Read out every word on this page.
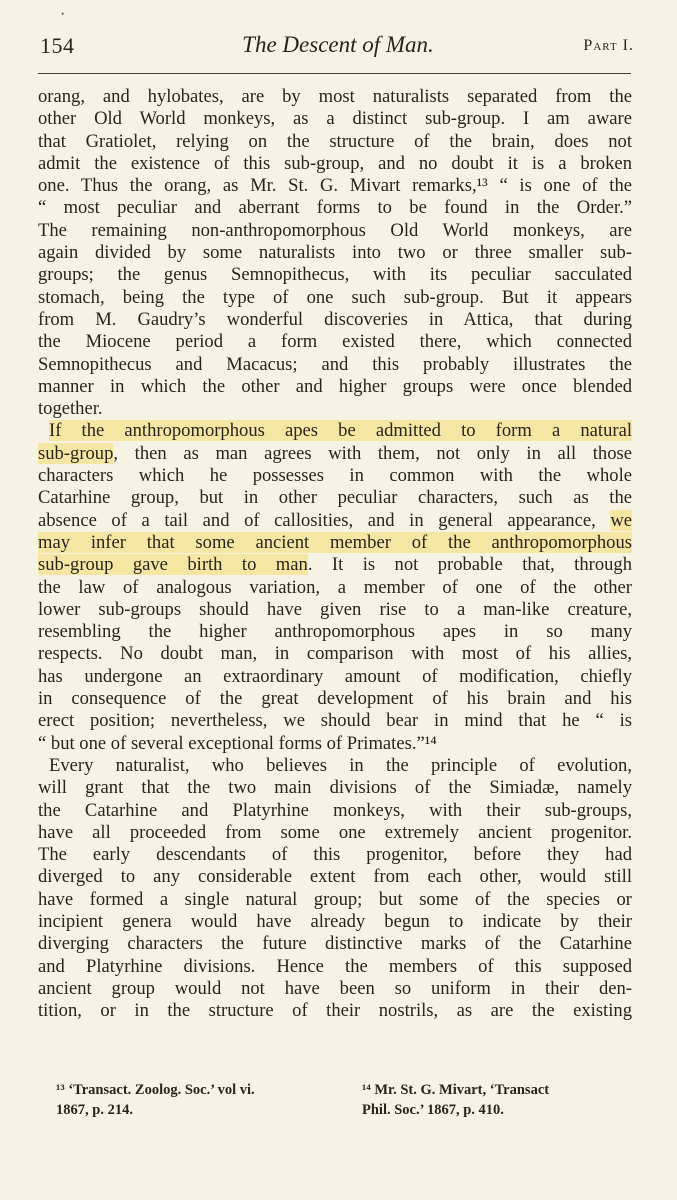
•
154	The Descent of Man.	Part I.
orang, and hylobates, are by most naturalists separated from the
other Old World monkeys, as a distinct sub-group. I am aware
that Gratiolet, relying on the structure of the brain, does not
admit the existence of this sub-group, and no doubt it is a broken
one. Thus the orang, as Mr. St. G. Mivart remarks,¹³ “ is one of the
“ most peculiar and aberrant forms to be found in the Order.”
The remaining non-anthropomorphous Old World monkeys, are
again divided by some naturalists into two or three smaller sub-
groups; the genus Semnopithecus, with its peculiar sacculated
stomach, being the type of one such sub-group. But it appears
from M. Gaudry’s wonderful discoveries in Attica, that during
the Miocene period a form existed there, which connected
Semnopithecus and Macacus; and this probably illustrates the
manner in which the other and higher groups were once blended
together.
If the anthropomorphous apes be admitted to form a natural
sub-group, then as man agrees with them, not only in all those
characters which he possesses in common with the whole
Catarhine group, but in other peculiar characters, such as the
absence of a tail and of callosities, and in general appearance, we
may infer that some ancient member of the anthropomorphous
sub-group gave birth to man. It is not probable that, through
the law of analogous variation, a member of one of the other
lower sub-groups should have given rise to a man-like creature,
resembling the higher anthropomorphous apes in so many
respects. No doubt man, in comparison with most of his allies,
has undergone an extraordinary amount of modification, chiefly
in consequence of the great development of his brain and his
erect position; nevertheless, we should bear in mind that he “ is
“ but one of several exceptional forms of Primates.”¹⁴
Every naturalist, who believes in the principle of evolution,
will grant that the two main divisions of the Simiadæ, namely
the Catarhine and Platyrhine monkeys, with their sub-groups,
have all proceeded from some one extremely ancient progenitor.
The early descendants of this progenitor, before they had
diverged to any considerable extent from each other, would still
have formed a single natural group; but some of the species or
incipient genera would have already begun to indicate by their
diverging characters the future distinctive marks of the Catarhine
and Platyrhine divisions. Hence the members of this supposed
ancient group would not have been so uniform in their den-
tition, or in the structure of their nostrils, as are the existing
¹³ ‘Transact. Zoolog. Soc.’ vol vi.
1867, p. 214.
¹⁴ Mr. St. G. Mivart, ‘Transact
Phil. Soc.’ 1867, p. 410.
